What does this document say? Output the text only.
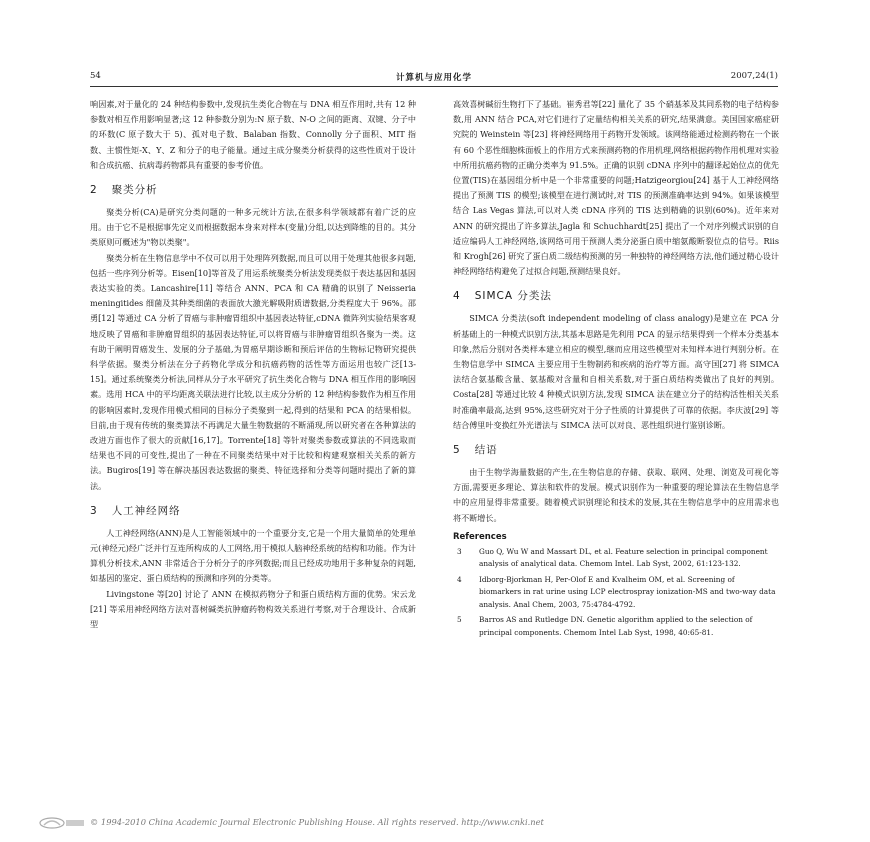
54	计算机与应用化学	2007,24(1)

响因素,对于量化的 24 种结构参数中,发现抗生类化合物在与 DNA 相互作用时,共有 12 种参数对相互作用影响显著;这 12 种参数分别为:N 原子数、N-O 之间的距离、双键、分子中的环数(C 原子数大于 5)、孤对电子数、Balaban 指数、Connolly 分子面积、MIT 指数、主惯性矩-X、Y、Z 和分子的电子能量。通过主成分聚类分析获得的这些性质对于设计和合成抗癌、抗病毒药物都具有重要的参考价值。

2 聚类分析

聚类分析(CA)是研究分类问题的一种多元统计方法,在很多科学领域都有着广泛的应用。由于它不是根据事先定义而根据数据本身来对样本(变量)分组,以达到降维的目的。其分类原则可概述为"物以类聚"。

聚类分析在生物信息学中不仅可以用于处理阵列数据,而且可以用于处理其他很多问题,包括一些序列分析等。Eisen[10]等首及了用运系统聚类分析法发现类似于表达基因和基因表达实验的类。Lancashire[11] 等结合 ANN、PCA 和 CA 精确的识别了 Neisseria meningitides 细菌及其种类细菌的表面放大激光解吸附质谱数据,分类程度大于 96%。邵勇[12] 等通过 CA 分析了胃癌与非肿瘤胃组织中基因表达特征,cDNA 微阵列实验结果客观地反映了胃癌和非肿瘤胃组织的基因表达特征,可以将胃癌与非肿瘤胃组织各聚为一类。这有助于阐明胃癌发生、发展的分子基础,为胃癌早期诊断和预后评估的生物标记物研究提供科学依据。聚类分析法在分子药物化学成分和抗癌药物的活性等方面运用也较广泛[13-15]。通过系统聚类分析法,同样从分子水平研究了抗生类化合物与 DNA 相互作用的影响因素。选用 HCA 中的平均距离关联法进行比较,以主成分分析的 12 种结构参数作为相互作用的影响因素时,发现作用模式相同的目标分子类聚到一起,得到的结果和 PCA 的结果相似。目前,由于现有传统的聚类算法不再满足大量生物数据的不断涌现,所以研究者在各种算法的改进方面也作了很大的贡献[16,17]。Torrente[18] 等针对聚类参数或算法的不同选取而结果也不同的可变性,提出了一种在不同聚类结果中对于比较和构建观察相关关系的新方法。Bugiros[19] 等在解决基因表达数据的聚类、特征选择和分类等问题时提出了新的算法。

3 人工神经网络

人工神经网络(ANN)是人工智能领域中的一个重要分支,它是一个用大量简单的处理单元(神经元)经广泛并行互连所构成的人工网络,用于模拟人脑神经系统的结构和功能。作为计算机分析技术,ANN 非常适合于分析分子的序列数据;而且已经成功地用于多种复杂的问题,如基因的鉴定、蛋白质结构的预测和序列的分类等。

Livingstone 等[20] 讨论了 ANN 在模拟药物分子和蛋白质结构方面的优势。宋云龙[21] 等采用神经网络方法对喜树碱类抗肿瘤药物构效关系进行考察,对于合理设计、合成新型

高效喜树碱衍生物打下了基础。崔秀君等[22] 量化了 35 个硝基苯及其同系物的电子结构参数,用 ANN 结合 PCA,对它们进行了定量结构相关关系的研究,结果满意。美国国家癌症研究院的 Weinstein 等[23] 将神经网络用于药物开发领域。该网络能通过检测药物在一个嵌有 60 个恶性细胞株面板上的作用方式来预测药物的作用机理,网络根据药物作用机理对实验中所用抗癌药物的正确分类率为 91.5%。正确的识别 cDNA 序列中的翻译起始位点的优先位置(TIS)在基因组分析中是一个非常重要的问题;Hatzigeorgiou[24] 基于人工神经网络提出了预测 TIS 的模型;该模型在进行测试时,对 TIS 的预测准确率达到 94%。如果该模型结合 Las Vegas 算法,可以对人类 cDNA 序列的 TIS 达到精确的识别(60%)。近年来对 ANN 的研究提出了许多算法,Jagla 和 Schuchhardt[25] 提出了一个对序列模式识别的自适应编码人工神经网络,该网络可用于预测人类分泌蛋白质中缩氨酸断裂位点的信号。Riis 和 Krogh[26] 研究了蛋白质二级结构预测的另一种独特的神经网络方法,他们通过精心设计神经网络结构避免了过拟合问题,预测结果良好。

4 SIMCA 分类法

SIMCA 分类法(soft independent modeling of class analogy)是建立在 PCA 分析基础上的一种模式识别方法,其基本思路是先利用 PCA 的显示结果得到一个样本分类基本印象,然后分别对各类样本建立相应的模型,继而应用这些模型对未知样本进行判别分析。在生物信息学中 SIMCA 主要应用于生物制药和疾病的治疗等方面。高守国[27] 将 SIMCA 法结合氨基酸含量、氨基酸对含量和自相关系数,对于蛋白质结构类做出了良好的判别。Costa[28] 等通过比较 4 种模式识别方法,发现 SIMCA 法在建立分子的结构活性相关关系时准确率最高,达到 95%,这些研究对于分子性质的计算提供了可靠的依据。李庆波[29] 等结合傅里叶变换红外光谱法与 SIMCA 法可以对良、恶性组织进行鉴别诊断。

5 结语

由于生物学海量数据的产生,在生物信息的存储、获取、联网、处理、浏览及可视化等方面,需要更多理论、算法和软件的发展。模式识别作为一种重要的理论算法在生物信息学中的应用显得非常重要。随着模式识别理论和技术的发展,其在生物信息学中的应用需求也将不断增长。

References
3	Guo Q, Wu W and Massart DL, et al. Feature selection in principal component analysis of analytical data. Chemom Intel. Lab Syst, 2002, 61:123-132.
4	Idborg-Bjorkman H, Per-Olof E and Kvalheim OM, et al. Screening of biomarkers in rat urine using LCP electrospray ionization-MS and two-way data analysis. Anal Chem, 2003, 75:4784-4792.
5	Barros AS and Rutledge DN. Genetic algorithm applied to the selection of principal components. Chemom Intel Lab Syst, 1998, 40:65-81.
© 1994-2010 China Academic Journal Electronic Publishing House. All rights reserved. http://www.cnki.net
